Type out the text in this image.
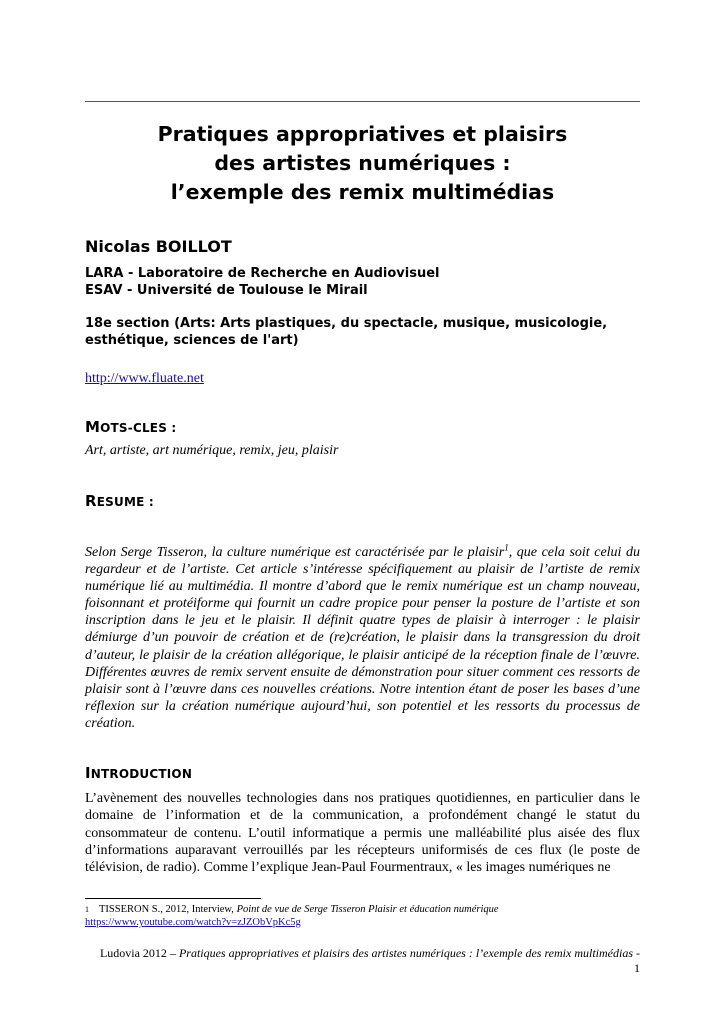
Pratiques appropriatives et plaisirs
des artistes numériques :
l’exemple des remix multimédias
Nicolas BOILLOT
LARA - Laboratoire de Recherche en Audiovisuel
ESAV - Université de Toulouse le Mirail
18e section (Arts: Arts plastiques, du spectacle, musique, musicologie, esthétique, sciences de l'art)
http://www.fluate.net
MOTS-CLES :
Art, artiste, art numérique, remix, jeu, plaisir
RESUME :
Selon Serge Tisseron, la culture numérique est caractérisée par le plaisir$^1$, que cela soit celui du regardeur et de l’artiste. Cet article s’intéresse spécifiquement au plaisir de l’artiste de remix numérique lié au multimédia. Il montre d’abord que le remix numérique est un champ nouveau, foisonnant et protéiforme qui fournit un cadre propice pour penser la posture de l’artiste et son inscription dans le jeu et le plaisir. Il définit quatre types de plaisir à interroger : le plaisir démiurge d’un pouvoir de création et de (re)création, le plaisir dans la transgression du droit d’auteur, le plaisir de la création allégorique, le plaisir anticipé de la réception finale de l’œuvre. Différentes œuvres de remix servent ensuite de démonstration pour situer comment ces ressorts de plaisir sont à l’œuvre dans ces nouvelles créations. Notre intention étant de poser les bases d’une réflexion sur la création numérique aujourd’hui, son potentiel et les ressorts du processus de création.
INTRODUCTION
L’avènement des nouvelles technologies dans nos pratiques quotidiennes, en particulier dans le domaine de l’information et de la communication, a profondément changé le statut du consommateur de contenu. L’outil informatique a permis une malléabilité plus aisée des flux d’informations auparavant verrouillés par les récepteurs uniformisés de ces flux (le poste de télévision, de radio). Comme l’explique Jean-Paul Fourmentraux, « les images numériques ne
$^1$ TISSERON S., 2012, Interview, Point de vue de Serge Tisseron Plaisir et éducation numérique
https://www.youtube.com/watch?v=zJZObVpKc5g
Ludovia 2012 – Pratiques appropriatives et plaisirs des artistes numériques : l’exemple des remix multimédias -
1
